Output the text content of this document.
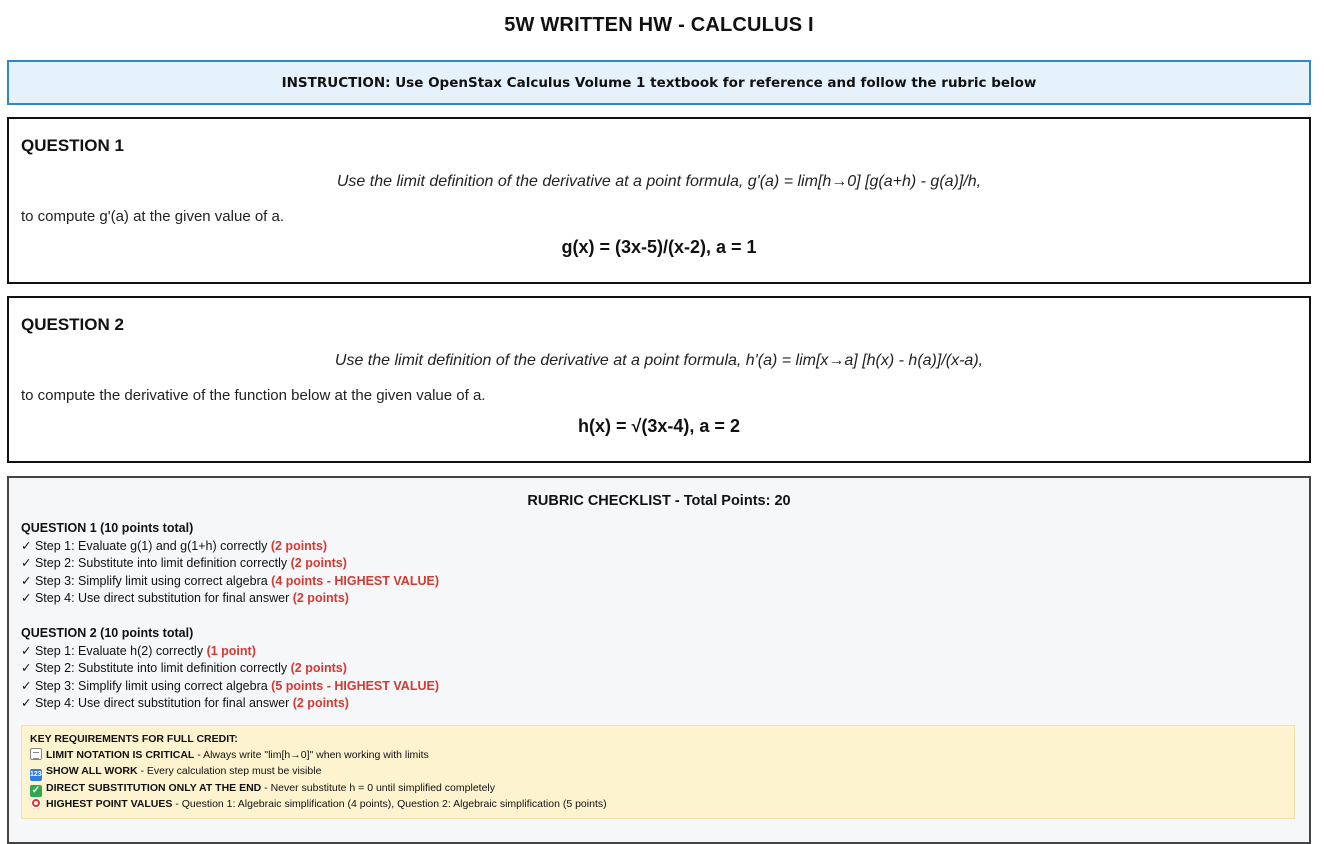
5W WRITTEN HW - CALCULUS I
INSTRUCTION: Use OpenStax Calculus Volume 1 textbook for reference and follow the rubric below
QUESTION 1
Use the limit definition of the derivative at a point formula, g'(a) = lim[h→0] [g(a+h) - g(a)]/h,
to compute g'(a) at the given value of a.
g(x) = (3x-5)/(x-2), a = 1
QUESTION 2
Use the limit definition of the derivative at a point formula, h'(a) = lim[x→a] [h(x) - h(a)]/(x-a),
to compute the derivative of the function below at the given value of a.
h(x) = √(3x-4), a = 2
RUBRIC CHECKLIST - Total Points: 20
QUESTION 1 (10 points total)
✓ Step 1: Evaluate g(1) and g(1+h) correctly (2 points)
✓ Step 2: Substitute into limit definition correctly (2 points)
✓ Step 3: Simplify limit using correct algebra (4 points - HIGHEST VALUE)
✓ Step 4: Use direct substitution for final answer (2 points)
QUESTION 2 (10 points total)
✓ Step 1: Evaluate h(2) correctly (1 point)
✓ Step 2: Substitute into limit definition correctly (2 points)
✓ Step 3: Simplify limit using correct algebra (5 points - HIGHEST VALUE)
✓ Step 4: Use direct substitution for final answer (2 points)
KEY REQUIREMENTS FOR FULL CREDIT:
LIMIT NOTATION IS CRITICAL - Always write "lim[h→0]" when working with limits
1234SHOW ALL WORK - Every calculation step must be visible
✓ DIRECT SUBSTITUTION ONLY AT THE END - Never substitute h = 0 until simplified completely
HIGHEST POINT VALUES - Question 1: Algebraic simplification (4 points), Question 2: Algebraic simplification (5 points)
